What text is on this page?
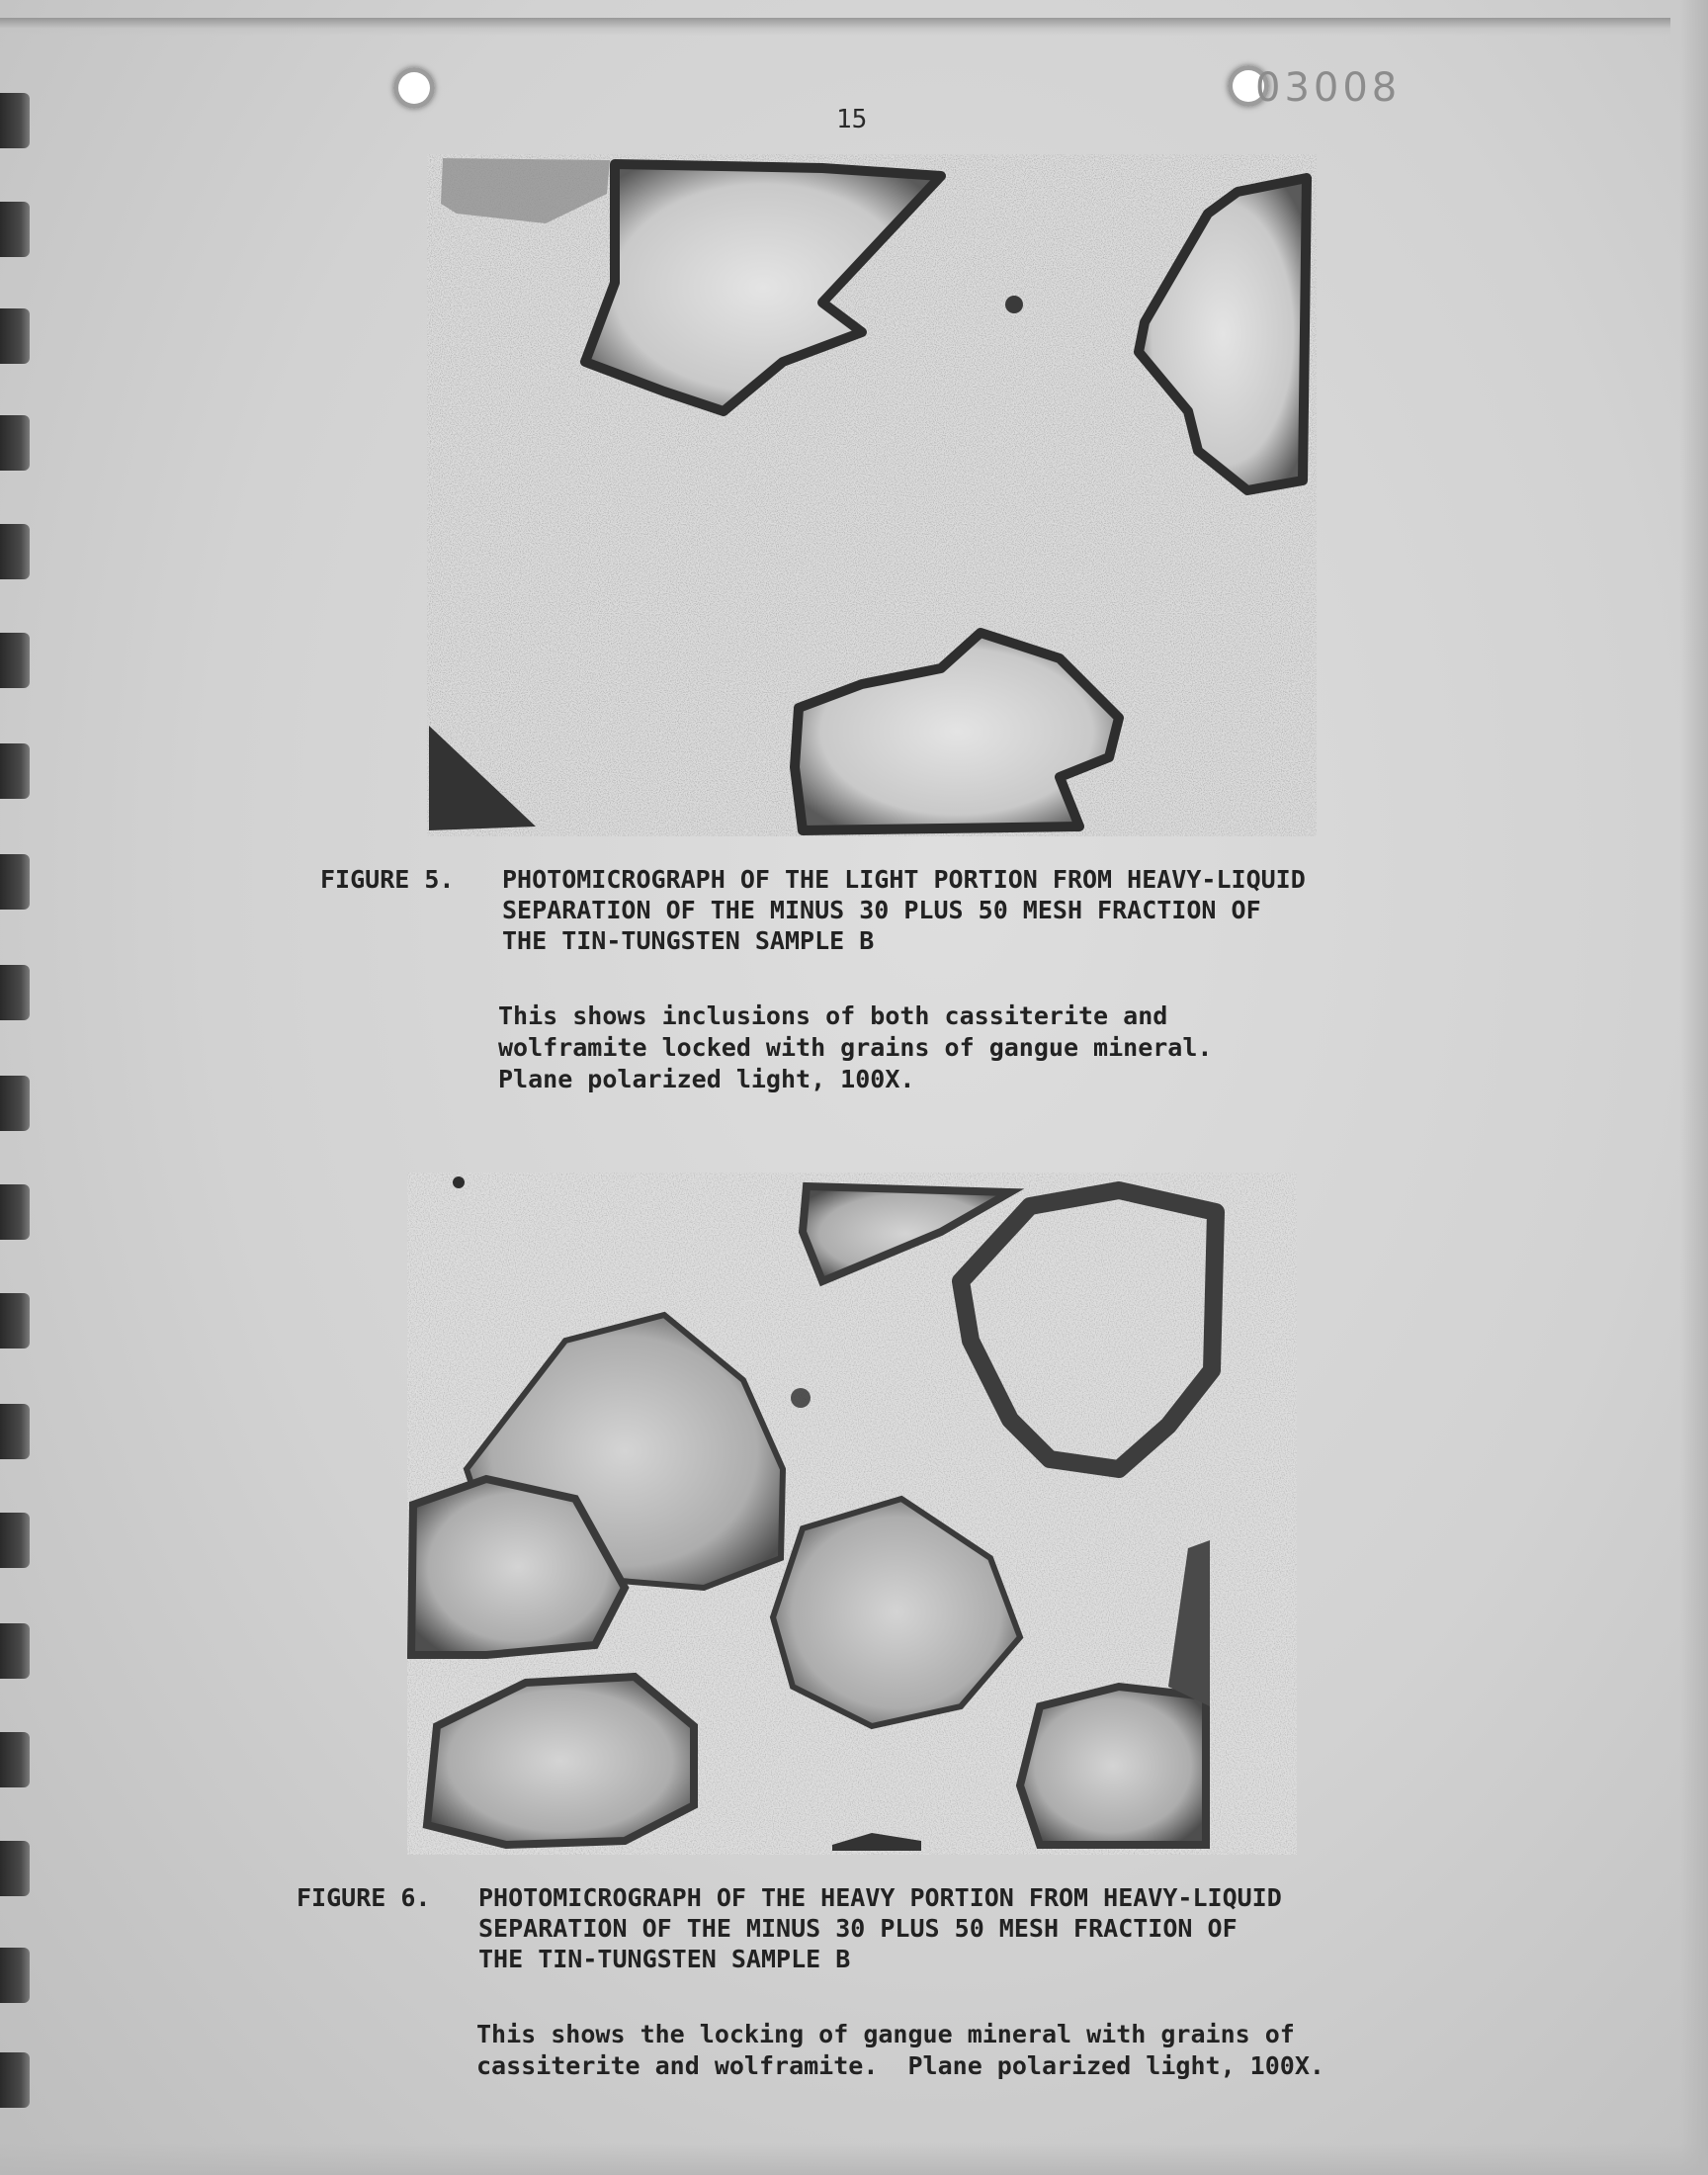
03008
15
FIGURE 5. PHOTOMICROGRAPH OF THE LIGHT PORTION FROM HEAVY-LIQUID
SEPARATION OF THE MINUS 30 PLUS 50 MESH FRACTION OF
THE TIN-TUNGSTEN SAMPLE B
This shows inclusions of both cassiterite and
wolframite locked with grains of gangue mineral.
Plane polarized light, 100X.
FIGURE 6. PHOTOMICROGRAPH OF THE HEAVY PORTION FROM HEAVY-LIQUID
SEPARATION OF THE MINUS 30 PLUS 50 MESH FRACTION OF
THE TIN-TUNGSTEN SAMPLE B
This shows the locking of gangue mineral with grains of
cassiterite and wolframite.  Plane polarized light, 100X.
